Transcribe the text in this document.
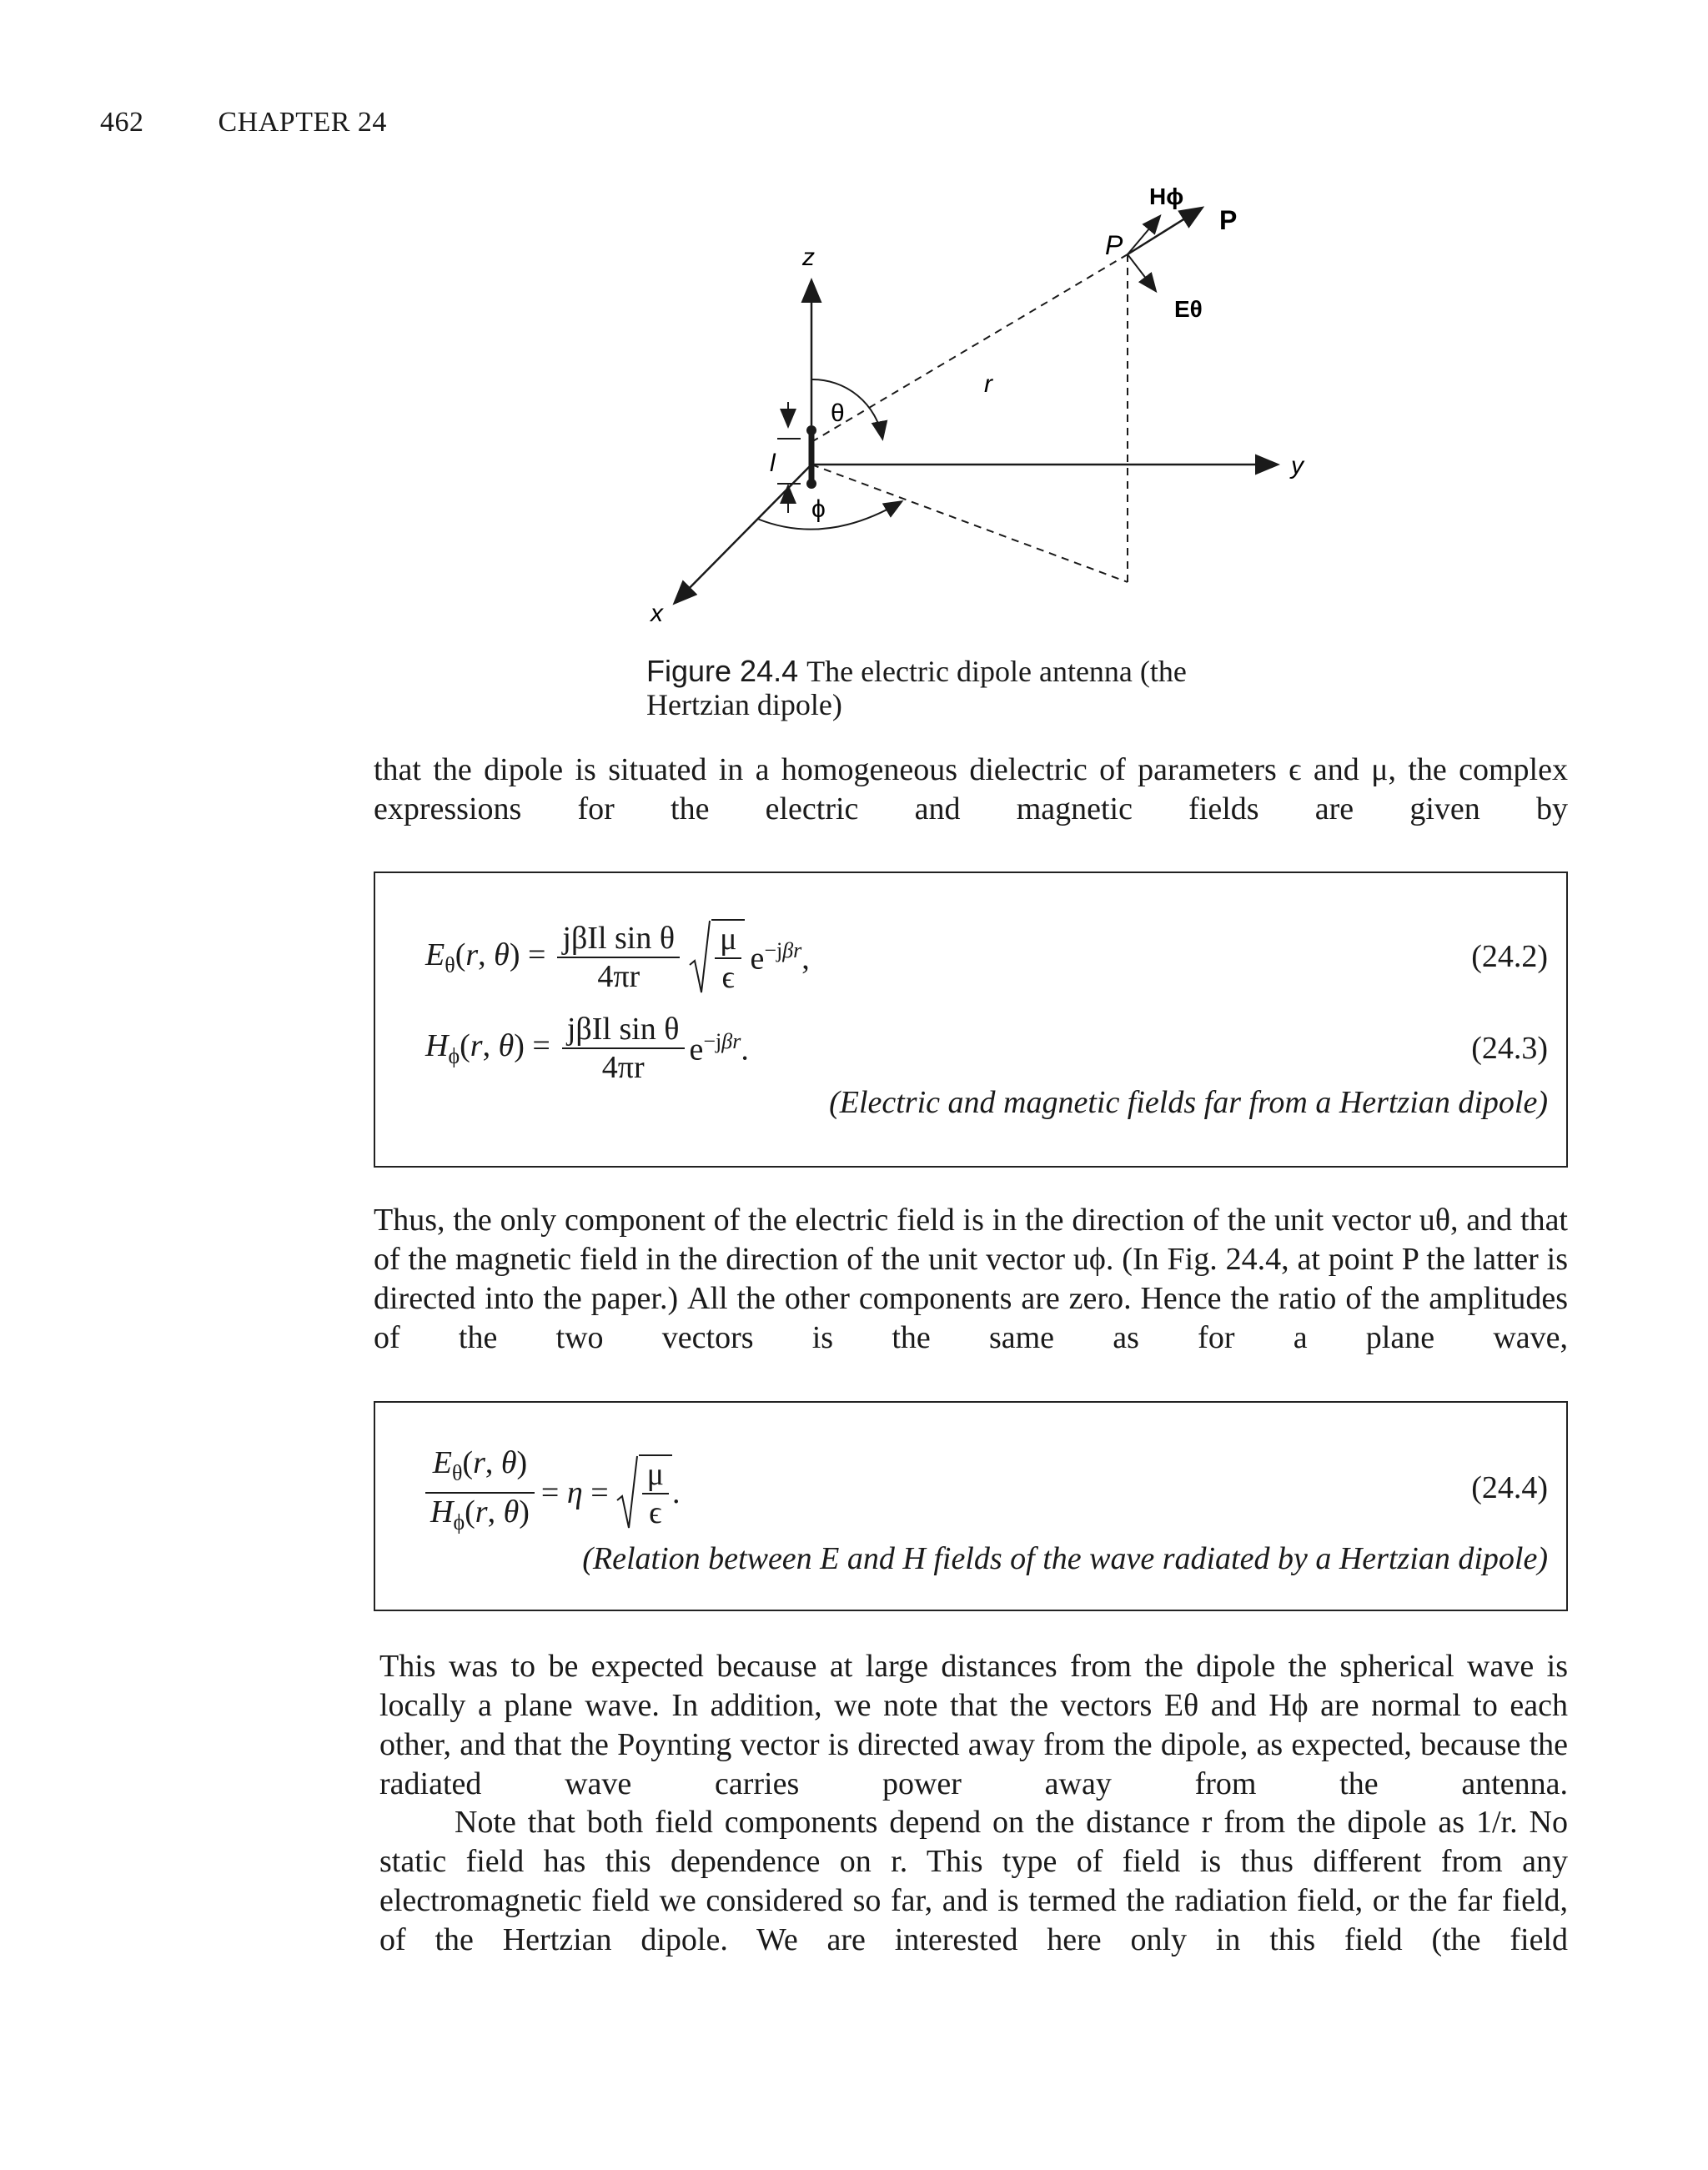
462	CHAPTER 24
z
x
y
r
P
θ
ϕ
l
Hϕ
Eθ
P
Figure 24.4 The electric dipole antenna (the Hertzian dipole)
that the dipole is situated in a homogeneous dielectric of parameters ϵ and μ, the complex expressions for the electric and magnetic fields are given by
$E_\theta(r$, $\theta) = \frac{\text{jβIl sin θ}}{4\pi r} \frac{\mu}{\epsilon} e^{-j\beta r}$,	(24.2)
$H_\phi(r$, $\theta) = \frac{\text{jβIl sin θ}}{4\pi r} e^{-j\beta r}$.	(24.3)
(Electric and magnetic fields far from a Hertzian dipole)
Thus, the only component of the electric field is in the direction of the unit vector uθ, and that of the magnetic field in the direction of the unit vector uϕ. (In Fig. 24.4, at point P the latter is directed into the paper.) All the other components are zero. Hence the ratio of the amplitudes of the two vectors is the same as for a plane wave,
$\frac{E_\theta(r, \theta)}{H_\phi(r, \theta)} = \eta = \frac{\mu}{\epsilon}$ .	(24.4)
(Relation between E and H fields of the wave radiated by a Hertzian dipole)
This was to be expected because at large distances from the dipole the spherical wave is locally a plane wave. In addition, we note that the vectors Eθ and Hϕ are normal to each other, and that the Poynting vector is directed away from the dipole, as expected, because the radiated wave carries power away from the antenna.
Note that both field components depend on the distance r from the dipole as 1/r. No static field has this dependence on r. This type of field is thus different from any electromagnetic field we considered so far, and is termed the radiation field, or the far field, of the Hertzian dipole. We are interested here only in this field (the field
